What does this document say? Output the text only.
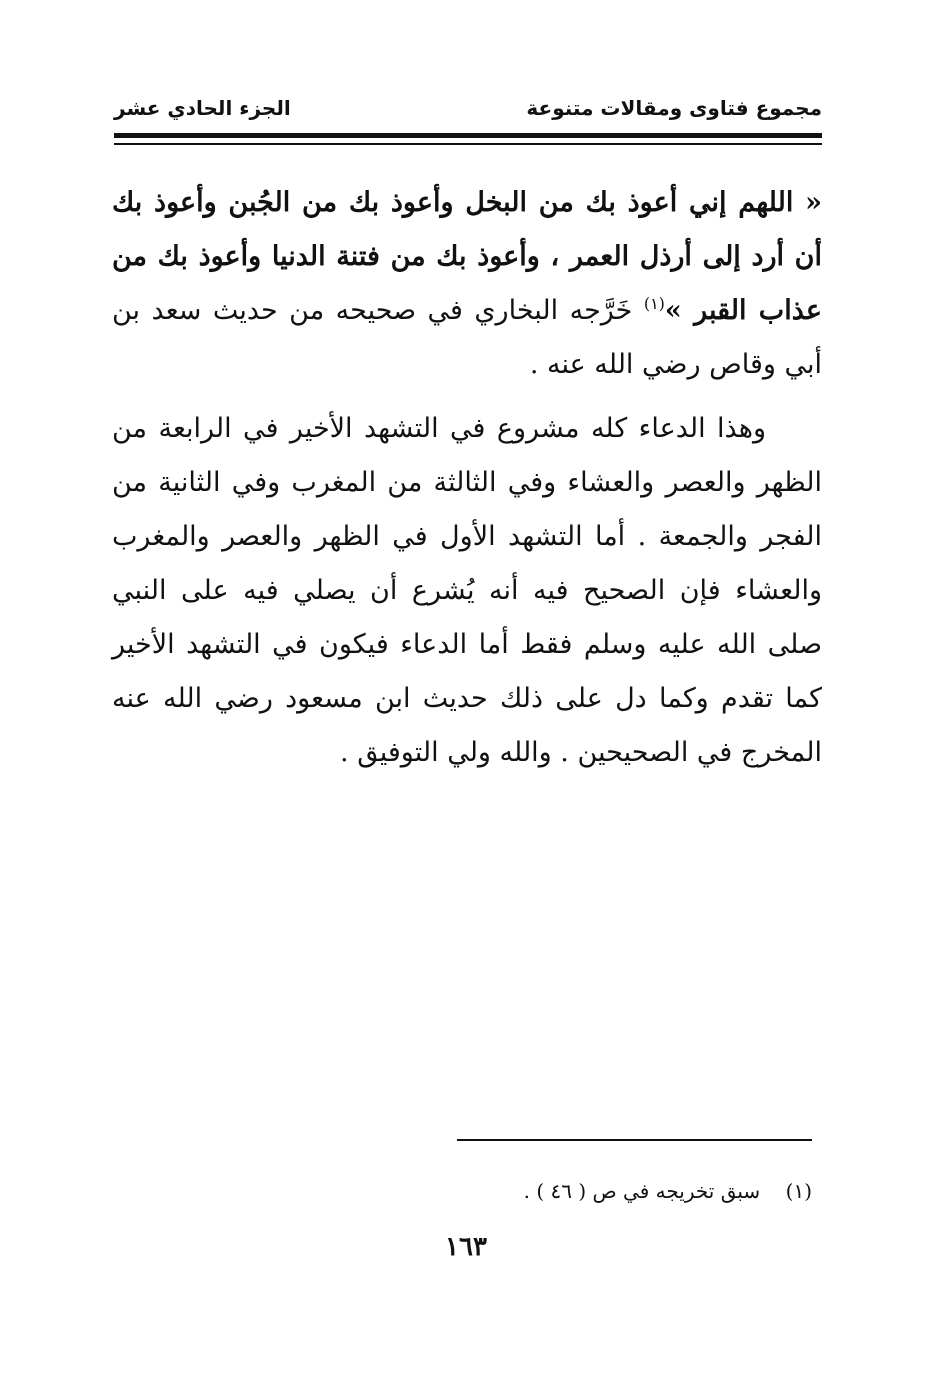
مجموع فتاوى ومقالات متنوعة
الجزء الحادي عشر

« اللهم إني أعوذ بك من البخل وأعوذ بك من الجُبن وأعوذ بك أن أرد إلى أرذل العمر ، وأعوذ بك من فتنة الدنيا وأعوذ بك من عذاب القبر »$^{(١)}$ خَرَّجه البخاري في صحيحه من حديث سعد بن أبي وقاص رضي الله عنه .

وهذا الدعاء كله مشروع في التشهد الأخير في الرابعة من الظهر والعصر والعشاء وفي الثالثة من المغرب وفي الثانية من الفجر والجمعة . أما التشهد الأول في الظهر والعصر والمغرب والعشاء فإن الصحيح فيه أنه يُشرع أن يصلي فيه على النبي صلى الله عليه وسلم فقط أما الدعاء فيكون في التشهد الأخير كما تقدم وكما دل على ذلك حديث ابن مسعود رضي الله عنه المخرج في الصحيحين . والله ولي التوفيق .

(١)    سبق تخريجه في ص ( ٤٦ ) .
١٦٣
